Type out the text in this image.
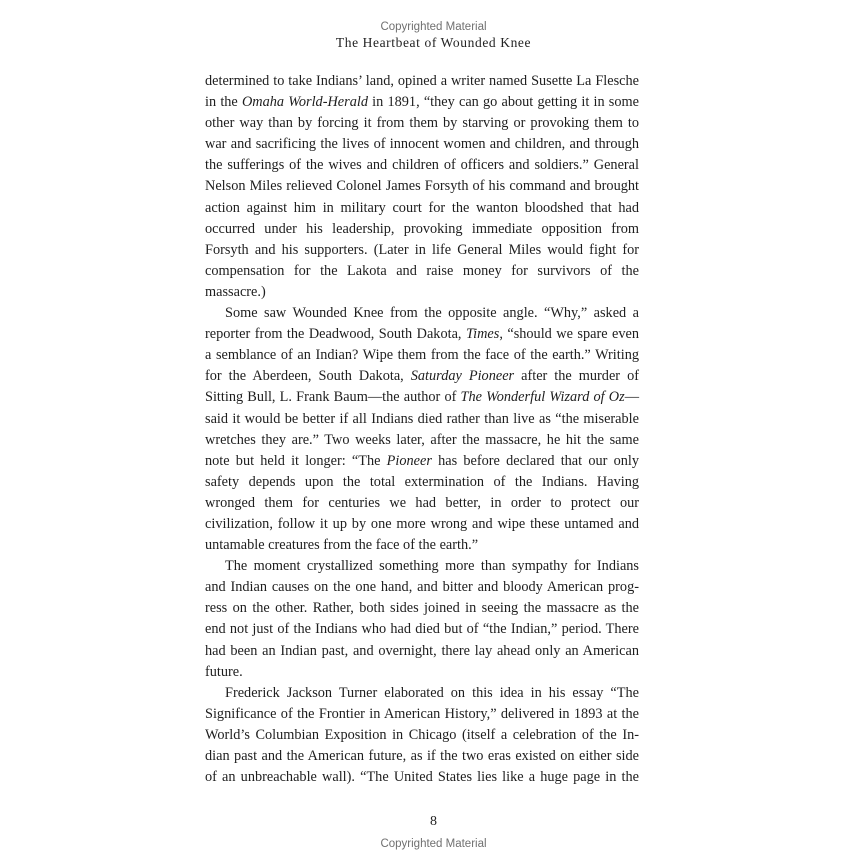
Copyrighted Material
The Heartbeat of Wounded Knee

determined to take Indians’ land, opined a writer named Susette La Flesche in the Omaha World-Herald in 1891, “they can go about getting it in some other way than by forcing it from them by starving or provoking them to war and sacrificing the lives of innocent women and children, and through the sufferings of the wives and children of officers and soldiers.” General Nelson Miles relieved Colonel James Forsyth of his command and brought action against him in military court for the wanton bloodshed that had occurred under his leadership, provoking immediate opposition from Forsyth and his supporters. (Later in life General Miles would fight for compensation for the Lakota and raise money for survivors of the massacre.)

Some saw Wounded Knee from the opposite angle. “Why,” asked a reporter from the Deadwood, South Dakota, Times, “should we spare even a semblance of an Indian? Wipe them from the face of the earth.” Writing for the Aberdeen, South Dakota, Saturday Pioneer after the murder of Sitting Bull, L. Frank Baum—the author of The Wonderful Wizard of Oz—said it would be better if all Indians died rather than live as “the miserable wretches they are.” Two weeks later, after the massacre, he hit the same note but held it longer: “The Pioneer has before declared that our only safety depends upon the total extermination of the Indians. Having wronged them for centuries we had better, in order to protect our civilization, follow it up by one more wrong and wipe these untamed and untamable creatures from the face of the earth.”

The moment crystallized something more than sympathy for Indians and Indian causes on the one hand, and bitter and bloody American progress on the other. Rather, both sides joined in seeing the massacre as the end not just of the Indians who had died but of “the Indian,” period. There had been an Indian past, and overnight, there lay ahead only an American future.

Frederick Jackson Turner elaborated on this idea in his essay “The Significance of the Frontier in American History,” delivered in 1893 at the World’s Columbian Exposition in Chicago (itself a celebration of the Indian past and the American future, as if the two eras existed on either side of an unbreachable wall). “The United States lies like a huge page in the

8
Copyrighted Material
